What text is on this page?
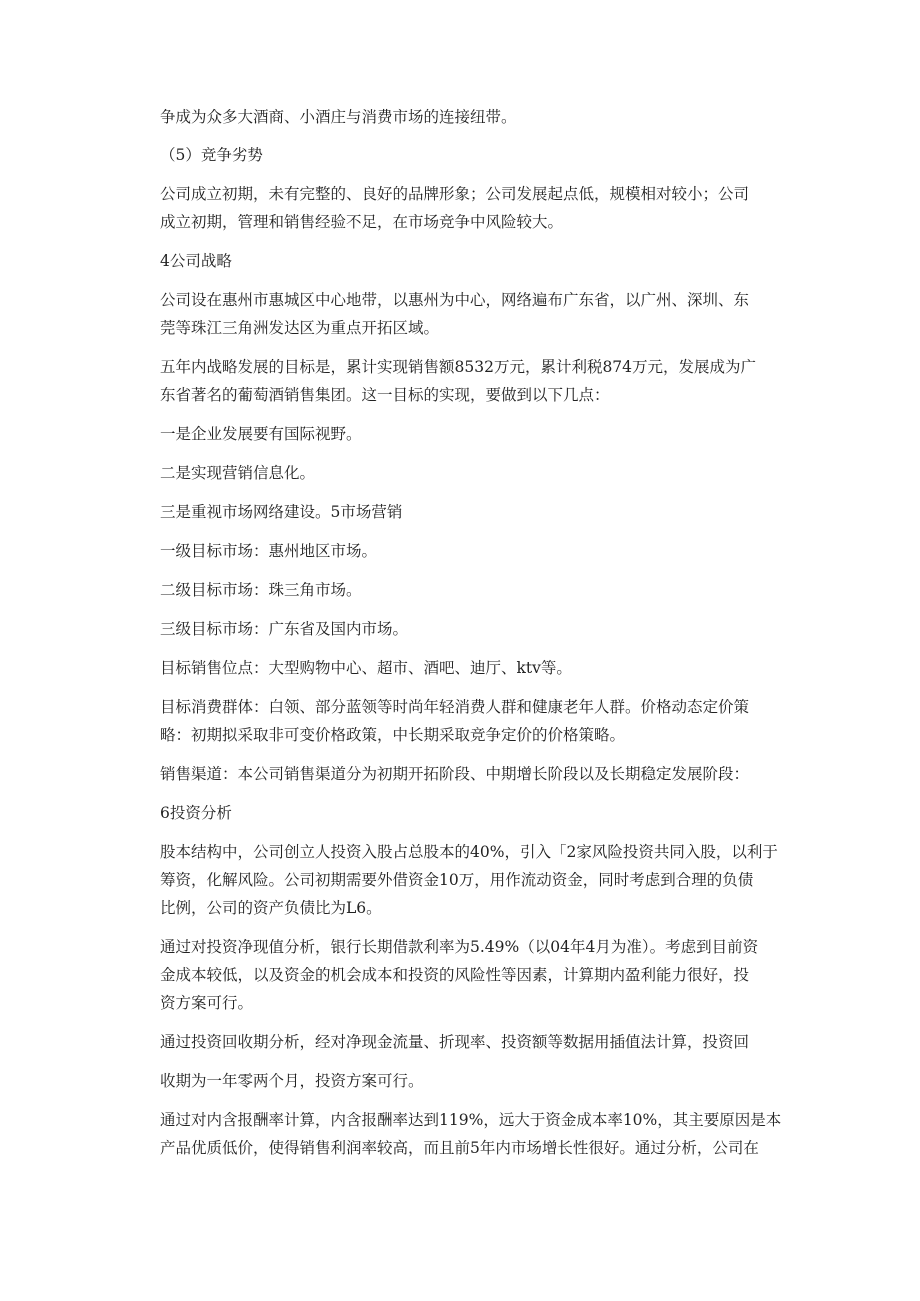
争成为众多大酒商、小酒庄与消费市场的连接纽带。

（5）竞争劣势

公司成立初期，未有完整的、良好的品牌形象；公司发展起点低，规模相对较小；公司
成立初期，管理和销售经验不足，在市场竞争中风险较大。

4公司战略

公司设在惠州市惠城区中心地带，以惠州为中心，网络遍布广东省，以广州、深圳、东
莞等珠江三角洲发达区为重点开拓区域。

五年内战略发展的目标是，累计实现销售额8532万元，累计利税874万元，发展成为广
东省著名的葡萄酒销售集团。这一目标的实现，要做到以下几点：

一是企业发展要有国际视野。

二是实现营销信息化。

三是重视市场网络建设。5市场营销

一级目标市场：惠州地区市场。

二级目标市场：珠三角市场。

三级目标市场：广东省及国内市场。

目标销售位点：大型购物中心、超市、酒吧、迪厅、ktv等。

目标消费群体：白领、部分蓝领等时尚年轻消费人群和健康老年人群。价格动态定价策
略：初期拟采取非可变价格政策，中长期采取竞争定价的价格策略。

销售渠道：本公司销售渠道分为初期开拓阶段、中期增长阶段以及长期稳定发展阶段：

6投资分析

股本结构中，公司创立人投资入股占总股本的40%，引入「2家风险投资共同入股，以利于
筹资，化解风险。公司初期需要外借资金10万，用作流动资金，同时考虑到合理的负债
比例，公司的资产负债比为L6。

通过对投资净现值分析，银行长期借款利率为5.49%（以04年4月为准）。考虑到目前资
金成本较低，以及资金的机会成本和投资的风险性等因素，计算期内盈利能力很好，投
资方案可行。

通过投资回收期分析，经对净现金流量、折现率、投资额等数据用插值法计算，投资回

收期为一年零两个月，投资方案可行。

通过对内含报酬率计算，内含报酬率达到119%，远大于资金成本率10%，其主要原因是本
产品优质低价，使得销售利润率较高，而且前5年内市场增长性很好。通过分析，公司在
